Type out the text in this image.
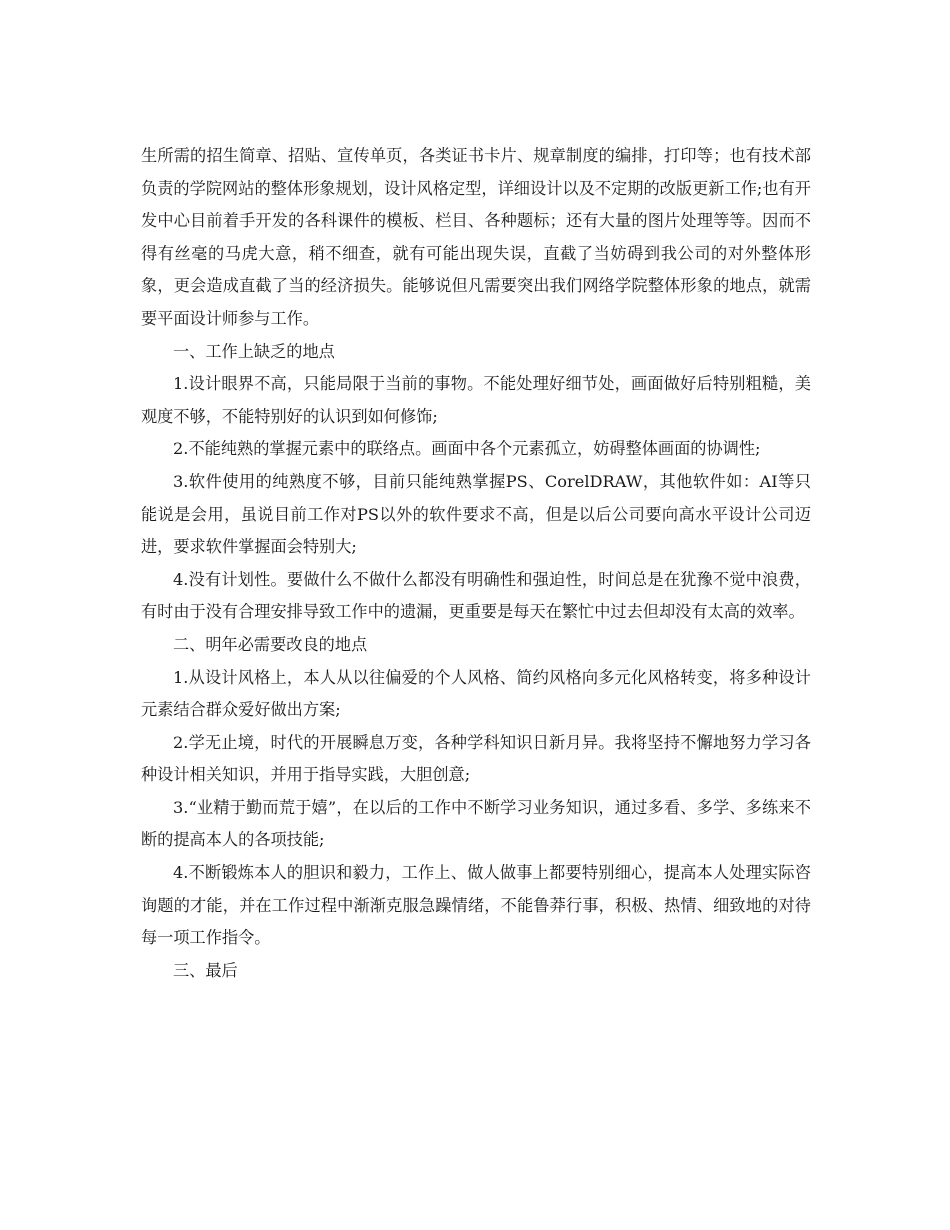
生所需的招生简章、招贴、宣传单页，各类证书卡片、规章制度的编排，打印等；也有技术部负责的学院网站的整体形象规划，设计风格定型，详细设计以及不定期的改版更新工作;也有开发中心目前着手开发的各科课件的模板、栏目、各种题标；还有大量的图片处理等等。因而不得有丝毫的马虎大意，稍不细查，就有可能出现失误，直截了当妨碍到我公司的对外整体形象，更会造成直截了当的经济损失。能够说但凡需要突出我们网络学院整体形象的地点，就需要平面设计师参与工作。

一、工作上缺乏的地点

1.设计眼界不高，只能局限于当前的事物。不能处理好细节处，画面做好后特别粗糙，美观度不够，不能特别好的认识到如何修饰;

2.不能纯熟的掌握元素中的联络点。画面中各个元素孤立，妨碍整体画面的协调性;

3.软件使用的纯熟度不够，目前只能纯熟掌握PS、CorelDRAW，其他软件如：AI等只能说是会用，虽说目前工作对PS以外的软件要求不高，但是以后公司要向高水平设计公司迈进，要求软件掌握面会特别大;

4.没有计划性。要做什么不做什么都没有明确性和强迫性，时间总是在犹豫不觉中浪费，有时由于没有合理安排导致工作中的遗漏，更重要是每天在繁忙中过去但却没有太高的效率。

二、明年必需要改良的地点

1.从设计风格上，本人从以往偏爱的个人风格、简约风格向多元化风格转变，将多种设计元素结合群众爱好做出方案;

2.学无止境，时代的开展瞬息万变，各种学科知识日新月异。我将坚持不懈地努力学习各种设计相关知识，并用于指导实践，大胆创意;

3.“业精于勤而荒于嬉”，在以后的工作中不断学习业务知识，通过多看、多学、多练来不断的提高本人的各项技能;

4.不断锻炼本人的胆识和毅力，工作上、做人做事上都要特别细心，提高本人处理实际咨询题的才能，并在工作过程中渐渐克服急躁情绪，不能鲁莽行事，积极、热情、细致地的对待每一项工作指令。

三、最后
